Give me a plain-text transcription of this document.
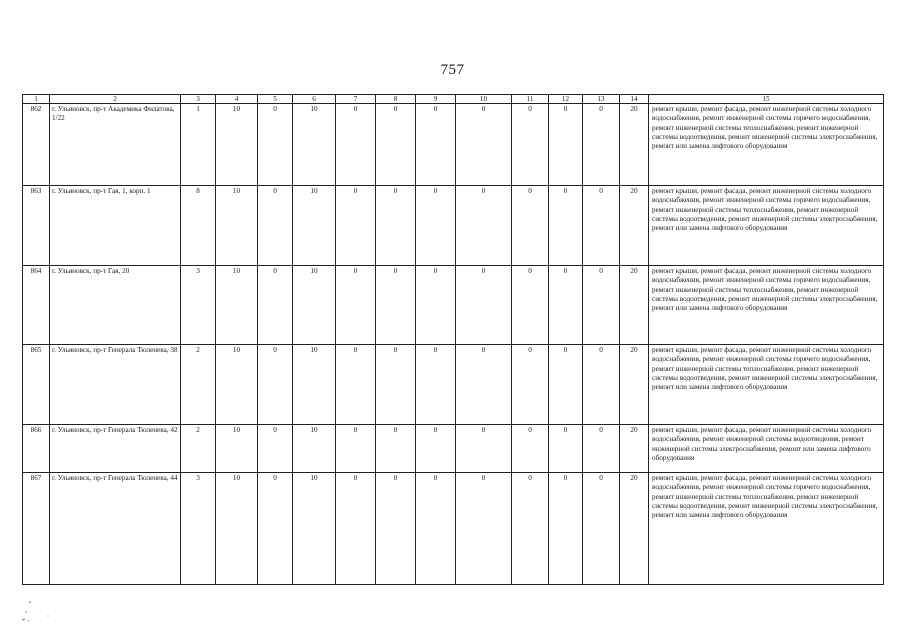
757
1	2	3	4	5	6	7	8	9	10	11	12	13	14	15
862	г. Ульяновск, пр-т Академика Филатова, 1/22	1	10	0	10	0	0	0	0	0	0	0	20	ремонт крыши, ремонт фасада, ремонт инженерной системы холодного водоснабжения, ремонт инженерной системы горячего водоснабжения, ремонт инженерной системы теплоснабжения, ремонт инженерной системы водоотведения, ремонт инженерной системы электроснабжения, ремонт или замена лифтового оборудования
863	г. Ульяновск, пр-т Гая, 1, корп. 1	8	10	0	10	0	0	0	0	0	0	0	20	ремонт крыши, ремонт фасада, ремонт инженерной системы холодного водоснабжения, ремонт инженерной системы горячего водоснабжения, ремонт инженерной системы теплоснабжения, ремонт инженерной системы водоотведения, ремонт инженерной системы электроснабжения, ремонт или замена лифтового оборудования
864	г. Ульяновск, пр-т Гая, 20	3	10	0	10	0	0	0	0	0	0	0	20	ремонт крыши, ремонт фасада, ремонт инженерной системы холодного водоснабжения, ремонт инженерной системы горячего водоснабжения, ремонт инженерной системы теплоснабжения, ремонт инженерной системы водоотведения, ремонт инженерной системы электроснабжения, ремонт или замена лифтового оборудования
865	г. Ульяновск, пр-т Генерала Тюленева, 38	2	10	0	10	0	0	0	0	0	0	0	20	ремонт крыши, ремонт фасада, ремонт инженерной системы холодного водоснабжения, ремонт инженерной системы горячего водоснабжения, ремонт инженерной системы теплоснабжения, ремонт инженерной системы водоотведения, ремонт инженерной системы электроснабжения, ремонт или замена лифтового оборудования
866	г. Ульяновск, пр-т Генерала Тюленева, 42	2	10	0	10	0	0	0	0	0	0	0	20	ремонт крыши, ремонт фасада, ремонт инженерной системы холодного водоснабжения, ремонт инженерной системы водоотведения, ремонт инженерной системы электроснабжения, ремонт или замена лифтового оборудования
867	г. Ульяновск, пр-т Генерала Тюленева, 44	3	10	0	10	0	0	0	0	0	0	0	20	ремонт крыши, ремонт фасада, ремонт инженерной системы холодного водоснабжения, ремонт инженерной системы горячего водоснабжения, ремонт инженерной системы теплоснабжения, ремонт инженерной системы водоотведения, ремонт инженерной системы электроснабжения, ремонт или замена лифтового оборудования
